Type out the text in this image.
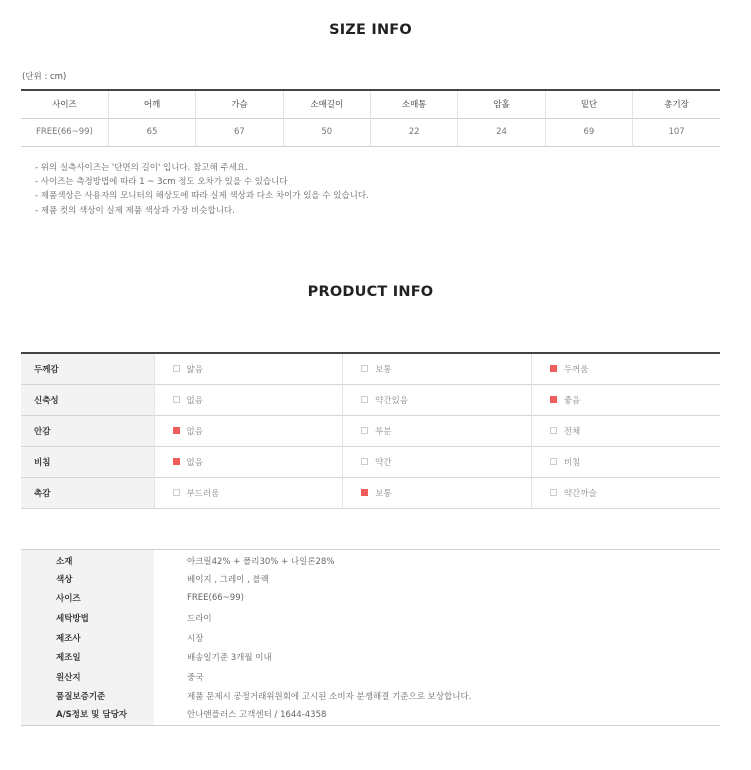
SIZE INFO
(단위 : cm)
사이즈	어깨	가슴	소매길이	소매통	암홀	밑단	총기장
FREE(66~99)	65	67	50	22	24	69	107
- 위의 실측사이즈는 '단면의 길이' 입니다. 참고해 주세요.
- 사이즈는 측정방법에 따라 1 ~ 3cm 정도 오차가 있을 수 있습니다
- 제품색상은 사용자의 모니터의 해상도에 따라 실제 색상과 다소 차이가 있을 수 있습니다.
- 제품 컷의 색상이 실제 제품 색상과 가장 비슷합니다.
PRODUCT INFO
두께감	얇음	보통	두꺼움

신축성	없음	약간있음	좋음

안감	없음	부분	전체

비침	없음	약간	비침

촉감	부드러움	보통	약간까슬
소재	아크릴42% + 폴리30% + 나일론28%
색상	베이지 , 그레이 , 블랙
사이즈	FREE(66~99)
세탁방법	드라이
제조사	시장
제조일	배송일기준 3개월 이내
원산지	중국
품질보증기준	제품 문제시 공정거래위원회에 고시된 소비자 분쟁해결 기준으로 보상합니다.
A/S정보 및 담당자	안나앤플러스 고객센터 / 1644-4358
